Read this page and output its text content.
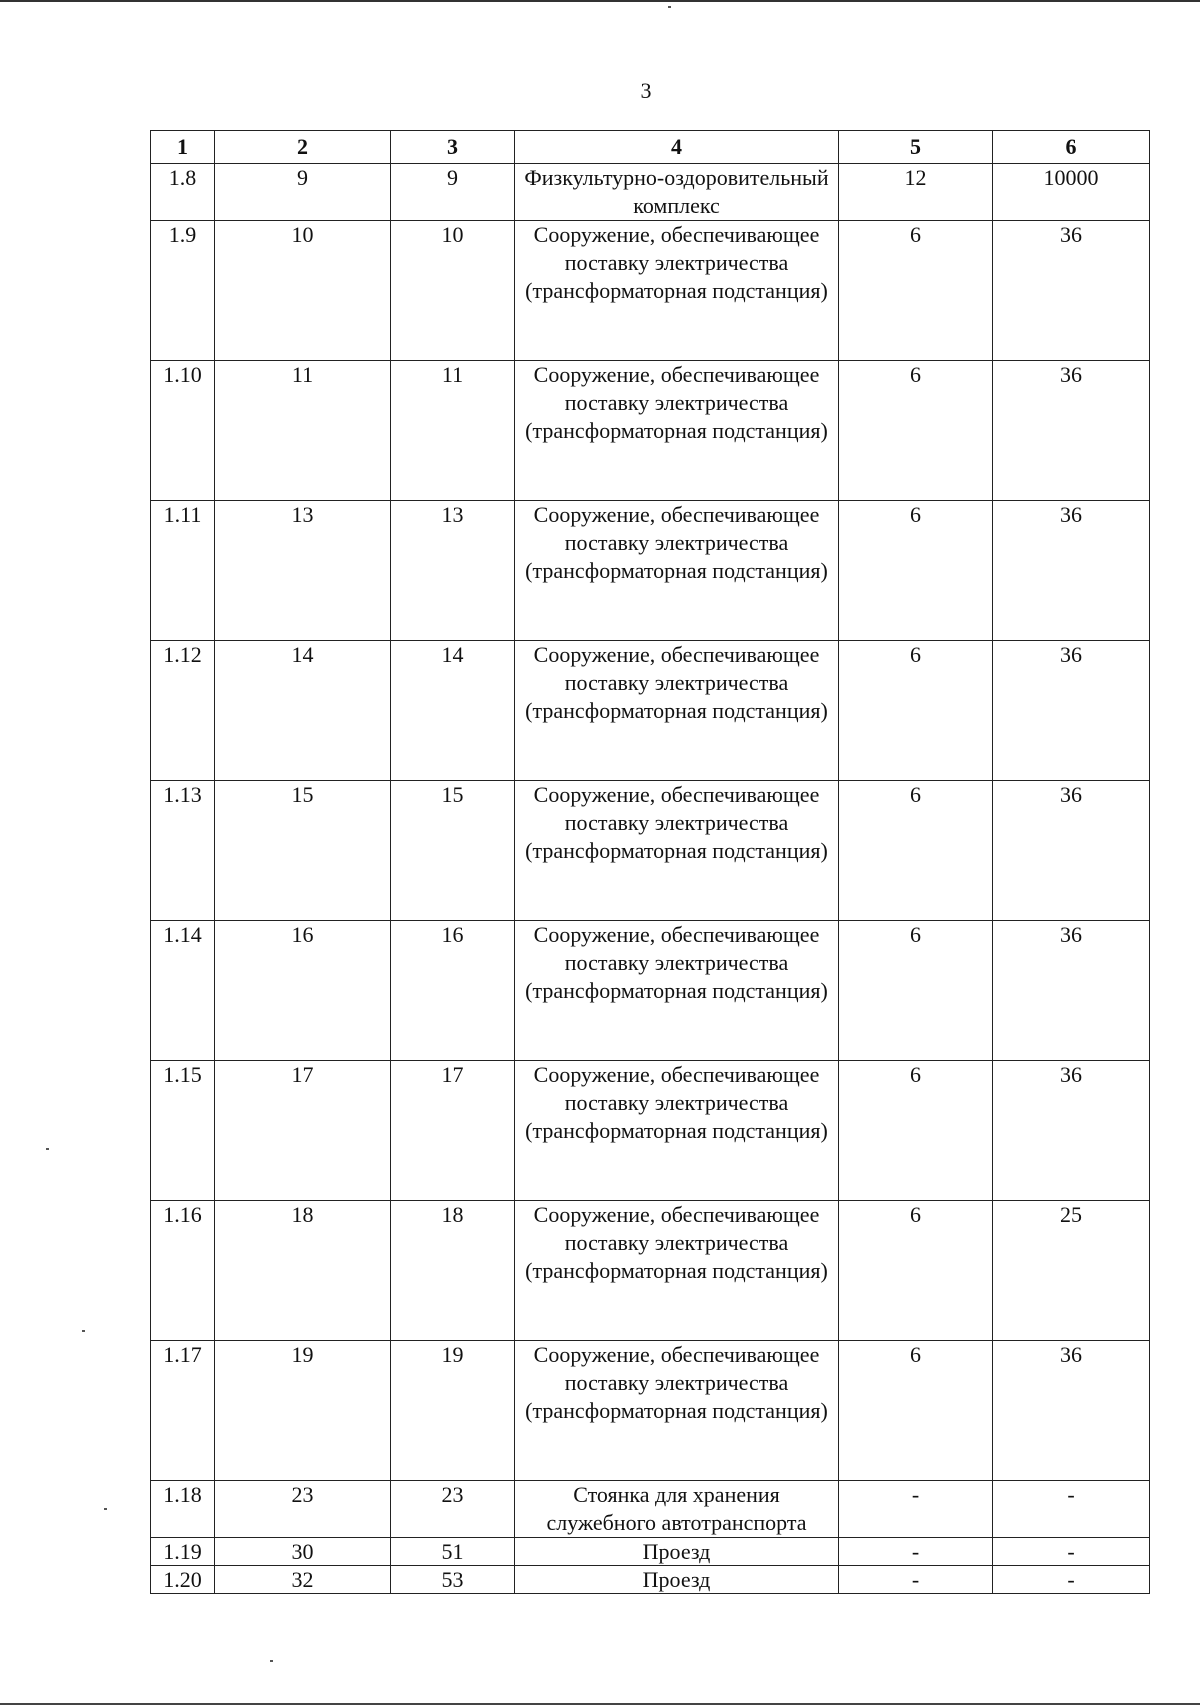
3
1	2	3	4	5	6
1.8	9	9	Физкультурно-оздоровительный комплекс	12	10000
1.9	10	10	Сооружение, обеспечивающее поставку электричества (трансформаторная подстанция)	6	36
1.10	11	11	Сооружение, обеспечивающее поставку электричества (трансформаторная подстанция)	6	36
1.11	13	13	Сооружение, обеспечивающее поставку электричества (трансформаторная подстанция)	6	36
1.12	14	14	Сооружение, обеспечивающее поставку электричества (трансформаторная подстанция)	6	36
1.13	15	15	Сооружение, обеспечивающее поставку электричества (трансформаторная подстанция)	6	36
1.14	16	16	Сооружение, обеспечивающее поставку электричества (трансформаторная подстанция)	6	36
1.15	17	17	Сооружение, обеспечивающее поставку электричества (трансформаторная подстанция)	6	36
1.16	18	18	Сооружение, обеспечивающее поставку электричества (трансформаторная подстанция)	6	25
1.17	19	19	Сооружение, обеспечивающее поставку электричества (трансформаторная подстанция)	6	36
1.18	23	23	Стоянка для хранения служебного автотранспорта	-	-
1.19	30	51	Проезд	-	-
1.20	32	53	Проезд	-	-
